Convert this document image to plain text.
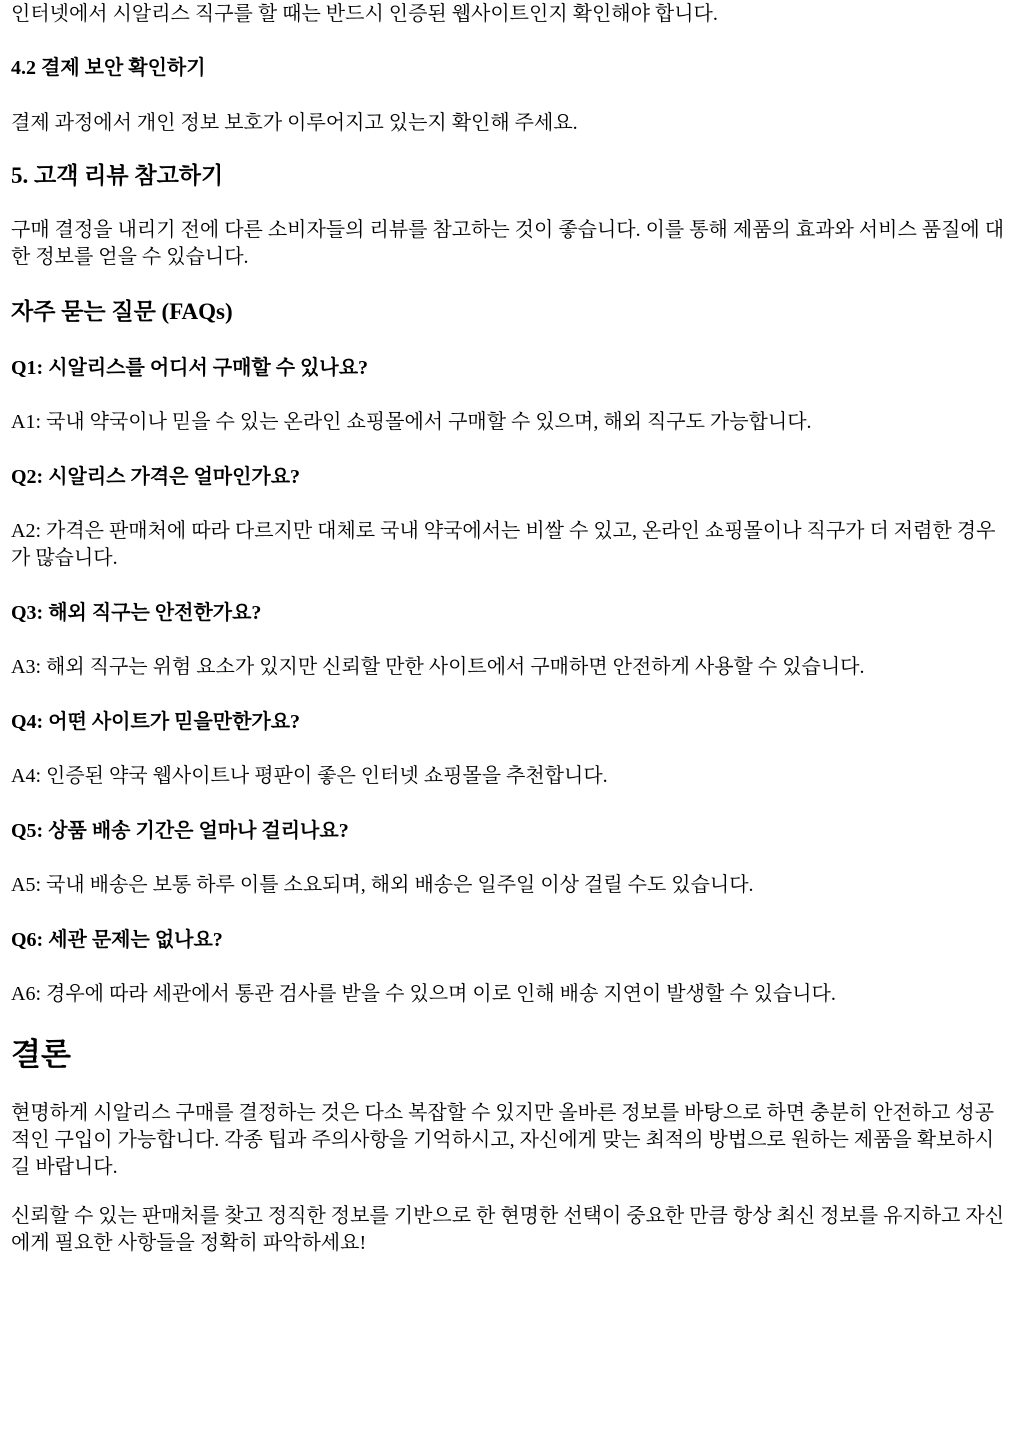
인터넷에서 시알리스 직구를 할 때는 반드시 인증된 웹사이트인지 확인해야 합니다.

4.2 결제 보안 확인하기

결제 과정에서 개인 정보 보호가 이루어지고 있는지 확인해 주세요.

5. 고객 리뷰 참고하기

구매 결정을 내리기 전에 다른 소비자들의 리뷰를 참고하는 것이 좋습니다. 이를 통해 제품의 효과와 서비스 품질에 대한 정보를 얻을 수 있습니다.

자주 묻는 질문 (FAQs)
Q1: 시알리스를 어디서 구매할 수 있나요?

A1: 국내 약국이나 믿을 수 있는 온라인 쇼핑몰에서 구매할 수 있으며, 해외 직구도 가능합니다.

Q2: 시알리스 가격은 얼마인가요?

A2: 가격은 판매처에 따라 다르지만 대체로 국내 약국에서는 비쌀 수 있고, 온라인 쇼핑몰이나 직구가 더 저렴한 경우가 많습니다.

Q3: 해외 직구는 안전한가요?

A3: 해외 직구는 위험 요소가 있지만 신뢰할 만한 사이트에서 구매하면 안전하게 사용할 수 있습니다.

Q4: 어떤 사이트가 믿을만한가요?

A4: 인증된 약국 웹사이트나 평판이 좋은 인터넷 쇼핑몰을 추천합니다.

Q5: 상품 배송 기간은 얼마나 걸리나요?

A5: 국내 배송은 보통 하루 이틀 소요되며, 해외 배송은 일주일 이상 걸릴 수도 있습니다.

Q6: 세관 문제는 없나요?

A6: 경우에 따라 세관에서 통관 검사를 받을 수 있으며 이로 인해 배송 지연이 발생할 수 있습니다.

결론

현명하게 시알리스 구매를 결정하는 것은 다소 복잡할 수 있지만 올바른 정보를 바탕으로 하면 충분히 안전하고 성공적인 구입이 가능합니다. 각종 팁과 주의사항을 기억하시고, 자신에게 맞는 최적의 방법으로 원하는 제품을 확보하시길 바랍니다.

신뢰할 수 있는 판매처를 찾고 정직한 정보를 기반으로 한 현명한 선택이 중요한 만큼 항상 최신 정보를 유지하고 자신에게 필요한 사항들을 정확히 파악하세요!
